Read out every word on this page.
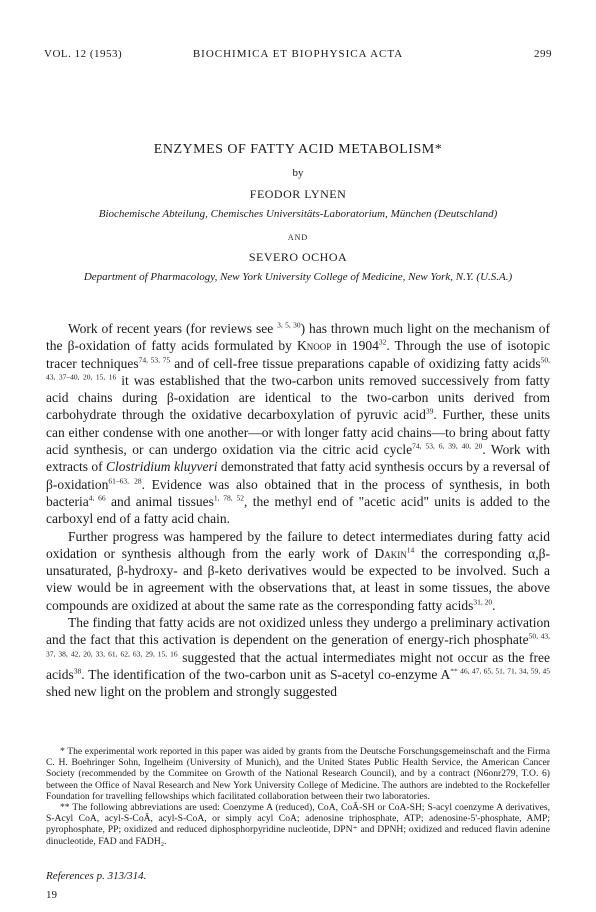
VOL. 12 (1953)	BIOCHIMICA ET BIOPHYSICA ACTA	299
ENZYMES OF FATTY ACID METABOLISM*
by
FEODOR LYNEN
Biochemische Abteilung, Chemisches Universitäts-Laboratorium, München (Deutschland)
AND
SEVERO OCHOA
Department of Pharmacology, New York University College of Medicine, New York, N.Y. (U.S.A.)

Work of recent years (for reviews see $^{3, 5, 30}$) has thrown much light on the mechanism of the β-oxidation of fatty acids formulated by Knoop in 1904$^{32}$. Through the use of isotopic tracer techniques$^{74, 53, 75}$ and of cell-free tissue preparations capable of oxidizing fatty acids$^{50, 43, 37-40, 20, 15, 16}$ it was established that the two-carbon units removed successively from fatty acid chains during β-oxidation are identical to the two-carbon units derived from carbohydrate through the oxidative decarboxylation of pyruvic acid$^{39}$. Further, these units can either condense with one another—or with longer fatty acid chains—to bring about fatty acid synthesis, or can undergo oxidation via the citric acid cycle$^{74, 53, 6, 39, 40, 20}$. Work with extracts of Clostridium kluyveri demonstrated that fatty acid synthesis occurs by a reversal of β-oxidation$^{61-63, 28}$. Evidence was also obtained that in the process of synthesis, in both bacteria$^{4, 66}$ and animal tissues$^{1, 78, 52}$, the methyl end of "acetic acid" units is added to the carboxyl end of a fatty acid chain.

Further progress was hampered by the failure to detect intermediates during fatty acid oxidation or synthesis although from the early work of Dakin$^{14}$ the corresponding α,β-unsaturated, β-hydroxy- and β-keto derivatives would be expected to be involved. Such a view would be in agreement with the observations that, at least in some tissues, the above compounds are oxidized at about the same rate as the corresponding fatty acids$^{31, 20}$.

The finding that fatty acids are not oxidized unless they undergo a preliminary activation and the fact that this activation is dependent on the generation of energy-rich phosphate$^{50, 43, 37, 38, 42, 20, 33, 61, 62, 63, 29, 15, 16}$ suggested that the actual intermediates might not occur as the free acids$^{38}$. The identification of the two-carbon unit as S-acetyl co-enzyme A$^{** 46, 47, 65, 51, 71, 34, 59, 45}$ shed new light on the problem and strongly suggested

* The experimental work reported in this paper was aided by grants from the Deutsche Forschungsgemeinschaft and the Firma C. H. Boehringer Sohn, Ingelheim (University of Munich), and the United States Public Health Service, the American Cancer Society (recommended by the Commitee on Growth of the National Research Council), and by a contract (N6onr279, T.O. 6) between the Office of Naval Research and New York University College of Medicine. The authors are indebted to the Rockefeller Foundation for travelling fellowships which facilitated collaboration between their two laboratories.

** The following abbreviations are used: Coenzyme A (reduced), CoA, CoĀ-SH or CoA-SH; S-acyl coenzyme A derivatives, S-Acyl CoA, acyl-S-CoĀ, acyl-S-CoA, or simply acyl CoA; adenosine triphosphate, ATP; adenosine-5'-phosphate, AMP; pyrophosphate, PP; oxidized and reduced diphosphorpyridine nucleotide, DPN⁺ and DPNH; oxidized and reduced flavin adenine dinucleotide, FAD and FADH₂.

References p. 313/314.
19
